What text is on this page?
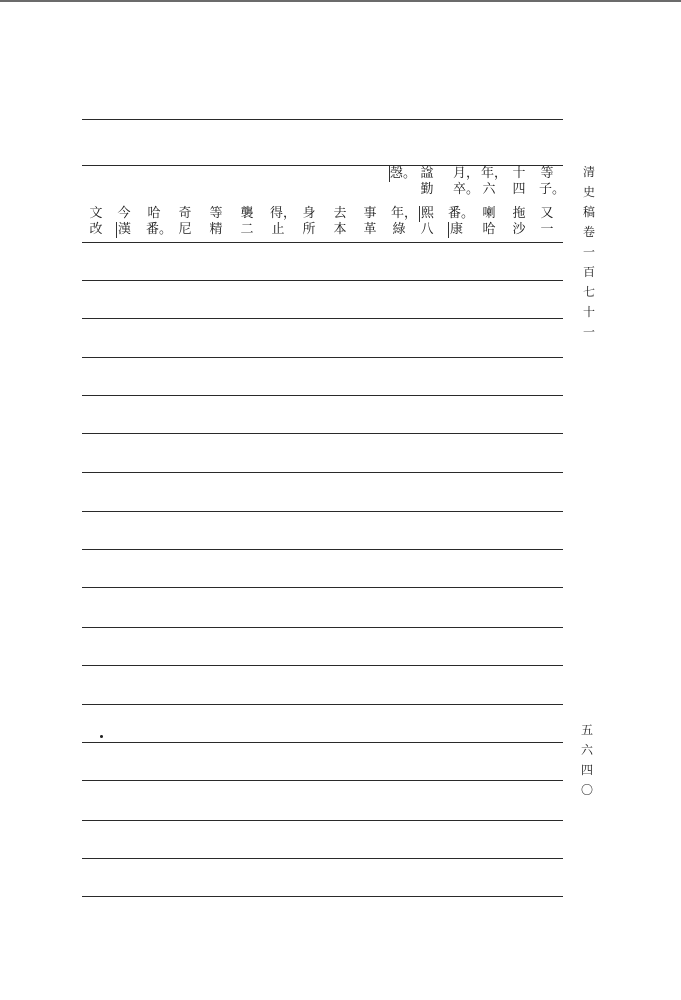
等
子。
十
四
年，
六
月，
卒。
諡
勤
愨。
又
一
拖
沙
喇
哈
番。
康
熙
八
年，
綠
事
革
去
本
身
所
得，
止
襲
二
等
精
奇
尼
哈
番。
今
漢
文
改
清
史
稿
卷
一
百
七
十
一
五
六
四
〇
